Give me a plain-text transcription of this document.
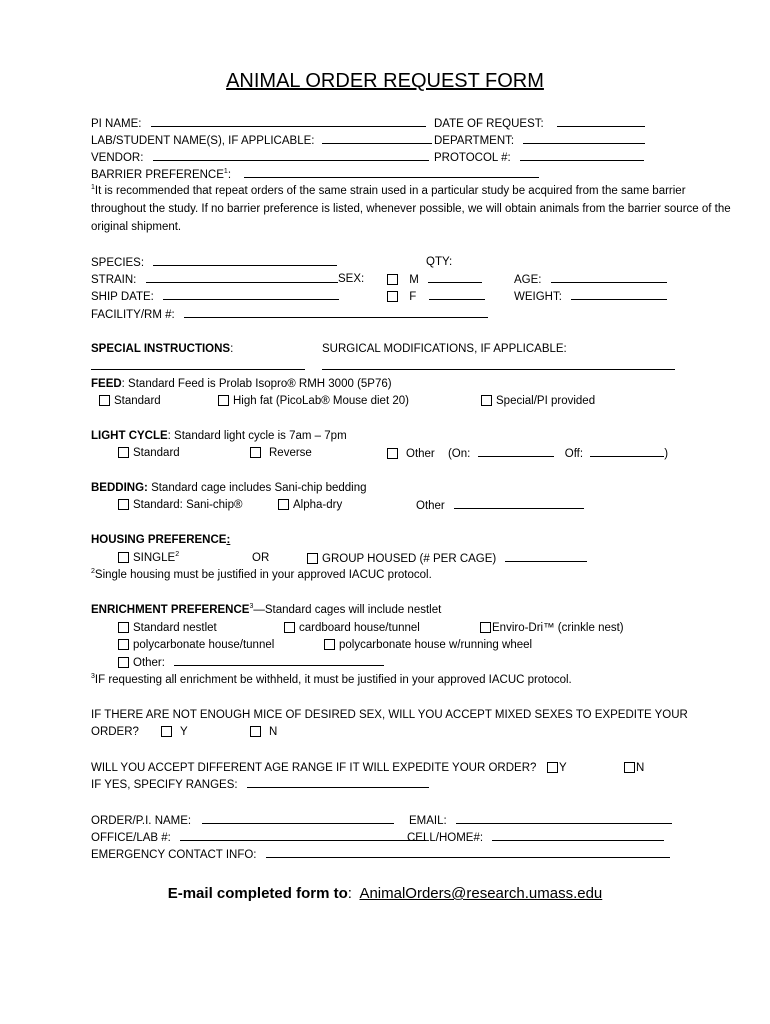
ANIMAL ORDER REQUEST FORM
PI NAME:	DATE OF REQUEST:
LAB/STUDENT NAME(S), IF APPLICABLE:	DEPARTMENT:
VENDOR:	PROTOCOL #:
BARRIER PREFERENCE$^1$:
$^1$It is recommended that repeat orders of the same strain used in a particular study be acquired from the same barrier throughout the study. If no barrier preference is listed, whenever possible, we will obtain animals from the barrier source of the original shipment.
SPECIES:	QTY:
STRAIN:	SEX:	M	AGE:
SHIP DATE:	F	WEIGHT:
FACILITY/RM #:
SPECIAL INSTRUCTIONS:	SURGICAL MODIFICATIONS, IF APPLICABLE:

FEED: Standard Feed is Prolab Isopro® RMH 3000 (5P76)
Standard	High fat (PicoLab® Mouse diet 20)	Special/PI provided
LIGHT CYCLE: Standard light cycle is 7am – 7pm
Standard	Reverse	Other (On:	Off:	)
BEDDING: Standard cage includes Sani-chip bedding
Standard: Sani-chip®	Alpha-dry	Other
HOUSING PREFERENCE:
SINGLE$^2$	OR	GROUP HOUSED (# PER CAGE)
$^2$Single housing must be justified in your approved IACUC protocol.
ENRICHMENT PREFERENCE$^3$—Standard cages will include nestlet
Standard nestlet	cardboard house/tunnel	Enviro-Dri™ (crinkle nest)
polycarbonate house/tunnel	polycarbonate house w/running wheel
Other:
$^3$IF requesting all enrichment be withheld, it must be justified in your approved IACUC protocol.
IF THERE ARE NOT ENOUGH MICE OF DESIRED SEX, WILL YOU ACCEPT MIXED SEXES TO EXPEDITE YOUR
ORDER?	Y	N
WILL YOU ACCEPT DIFFERENT AGE RANGE IF IT WILL EXPEDITE YOUR ORDER?	Y	N
IF YES, SPECIFY RANGES:
ORDER/P.I. NAME:	EMAIL:
OFFICE/LAB #:	CELL/HOME#:
EMERGENCY CONTACT INFO:
E-mail completed form to: AnimalOrders@research.umass.edu
